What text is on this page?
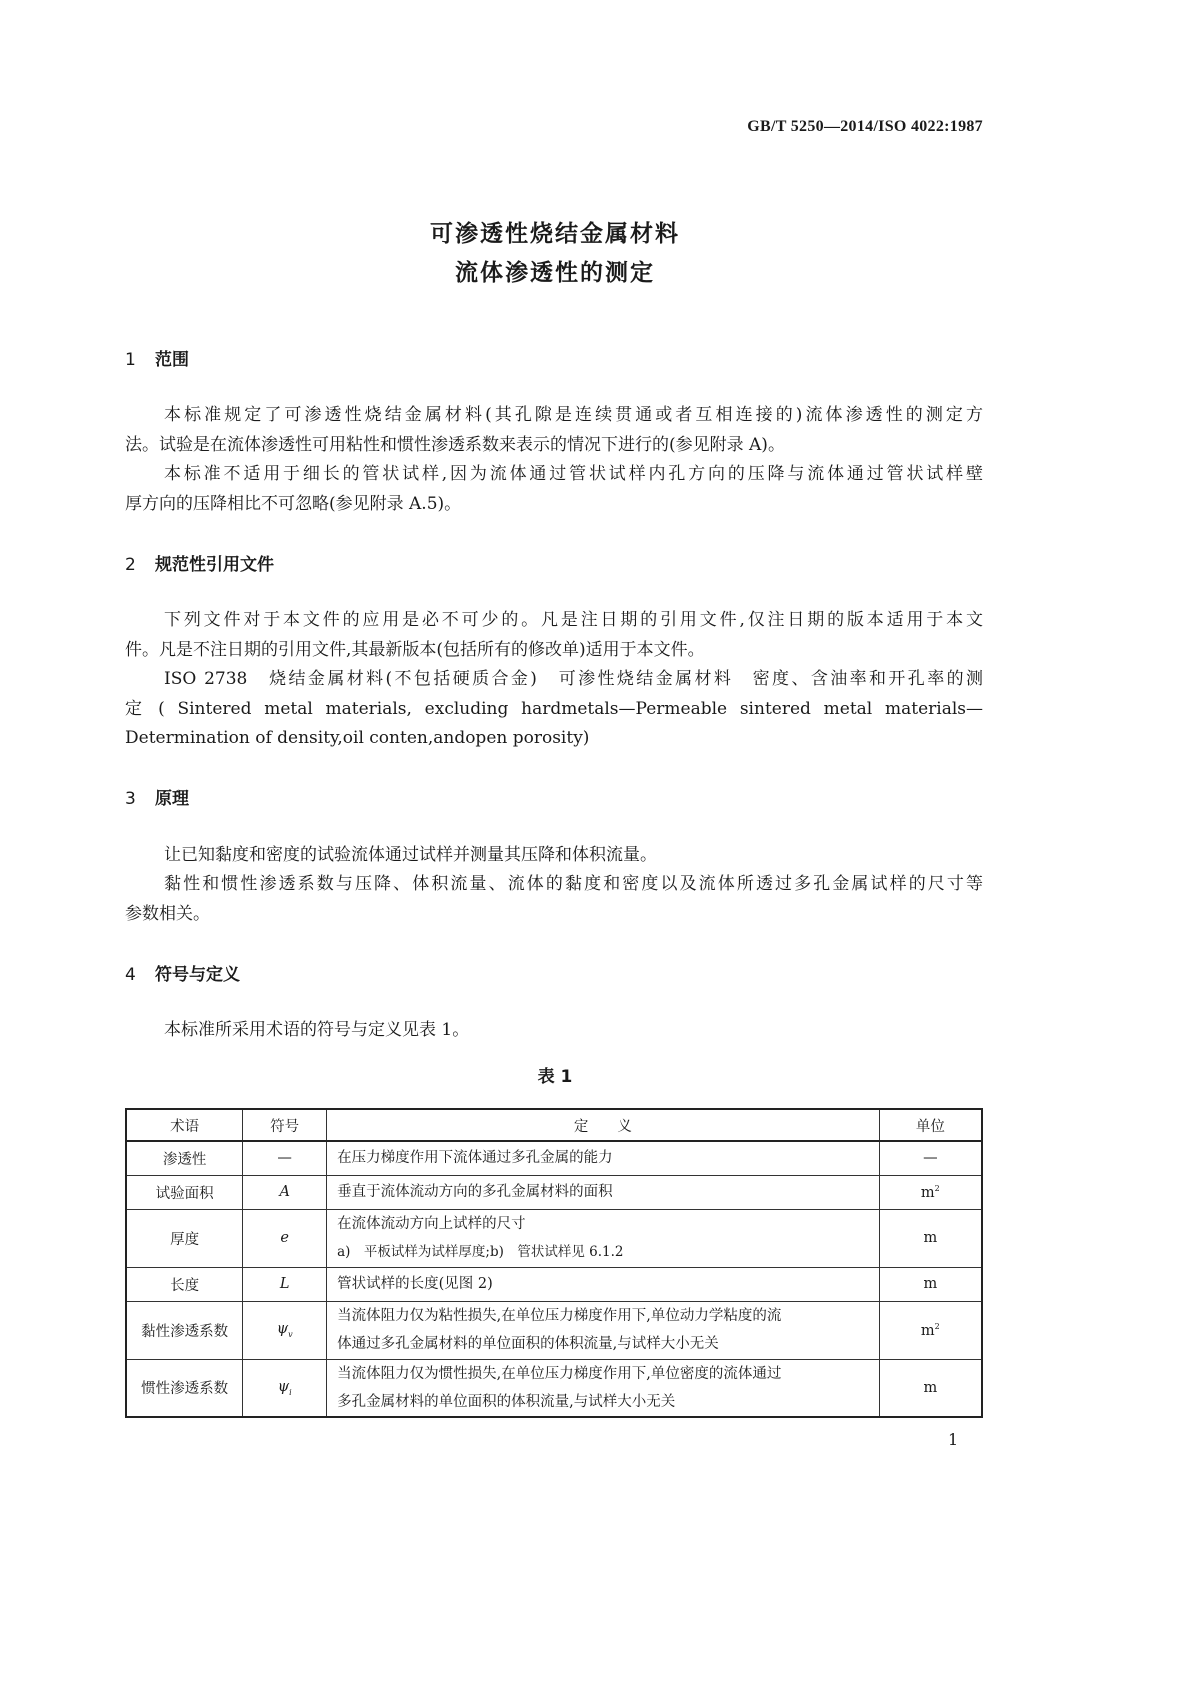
GB/T 5250—2014/ISO 4022:1987
可渗透性烧结金属材料
流体渗透性的测定
1 范围
本标准规定了可渗透性烧结金属材料(其孔隙是连续贯通或者互相连接的)流体渗透性的测定方
法。试验是在流体渗透性可用粘性和惯性渗透系数来表示的情况下进行的(参见附录 A)。
本标准不适用于细长的管状试样,因为流体通过管状试样内孔方向的压降与流体通过管状试样壁
厚方向的压降相比不可忽略(参见附录 A.5)。
2 规范性引用文件
下列文件对于本文件的应用是必不可少的。凡是注日期的引用文件,仅注日期的版本适用于本文
件。凡是不注日期的引用文件,其最新版本(包括所有的修改单)适用于本文件。
ISO 2738　烧结金属材料(不包括硬质合金)　可渗性烧结金属材料　密度、含油率和开孔率的测
定 ( Sintered metal materials, excluding hardmetals—Permeable sintered metal materials—
Determination of density,oil conten,andopen porosity)
3 原理
让已知黏度和密度的试验流体通过试样并测量其压降和体积流量。
黏性和惯性渗透系数与压降、体积流量、流体的黏度和密度以及流体所透过多孔金属试样的尺寸等
参数相关。
4 符号与定义
本标准所采用术语的符号与定义见表 1。
表 1
术语	符号	定　　义	单位
渗透性	—	在压力梯度作用下流体通过多孔金属的能力	—
试验面积	A	垂直于流体流动方向的多孔金属材料的面积	$m^2$
厚度	e	在流体流动方向上试样的尺寸
a)　平板试样为试样厚度;b)　管状试样见 6.1.2	m
长度	L	管状试样的长度(见图 2)	m
黏性渗透系数	$\psi_v$	当流体阻力仅为粘性损失,在单位压力梯度作用下,单位动力学粘度的流
体通过多孔金属材料的单位面积的体积流量,与试样大小无关	$m^2$
惯性渗透系数	$\psi_i$	当流体阻力仅为惯性损失,在单位压力梯度作用下,单位密度的流体通过
多孔金属材料的单位面积的体积流量,与试样大小无关	m
1
